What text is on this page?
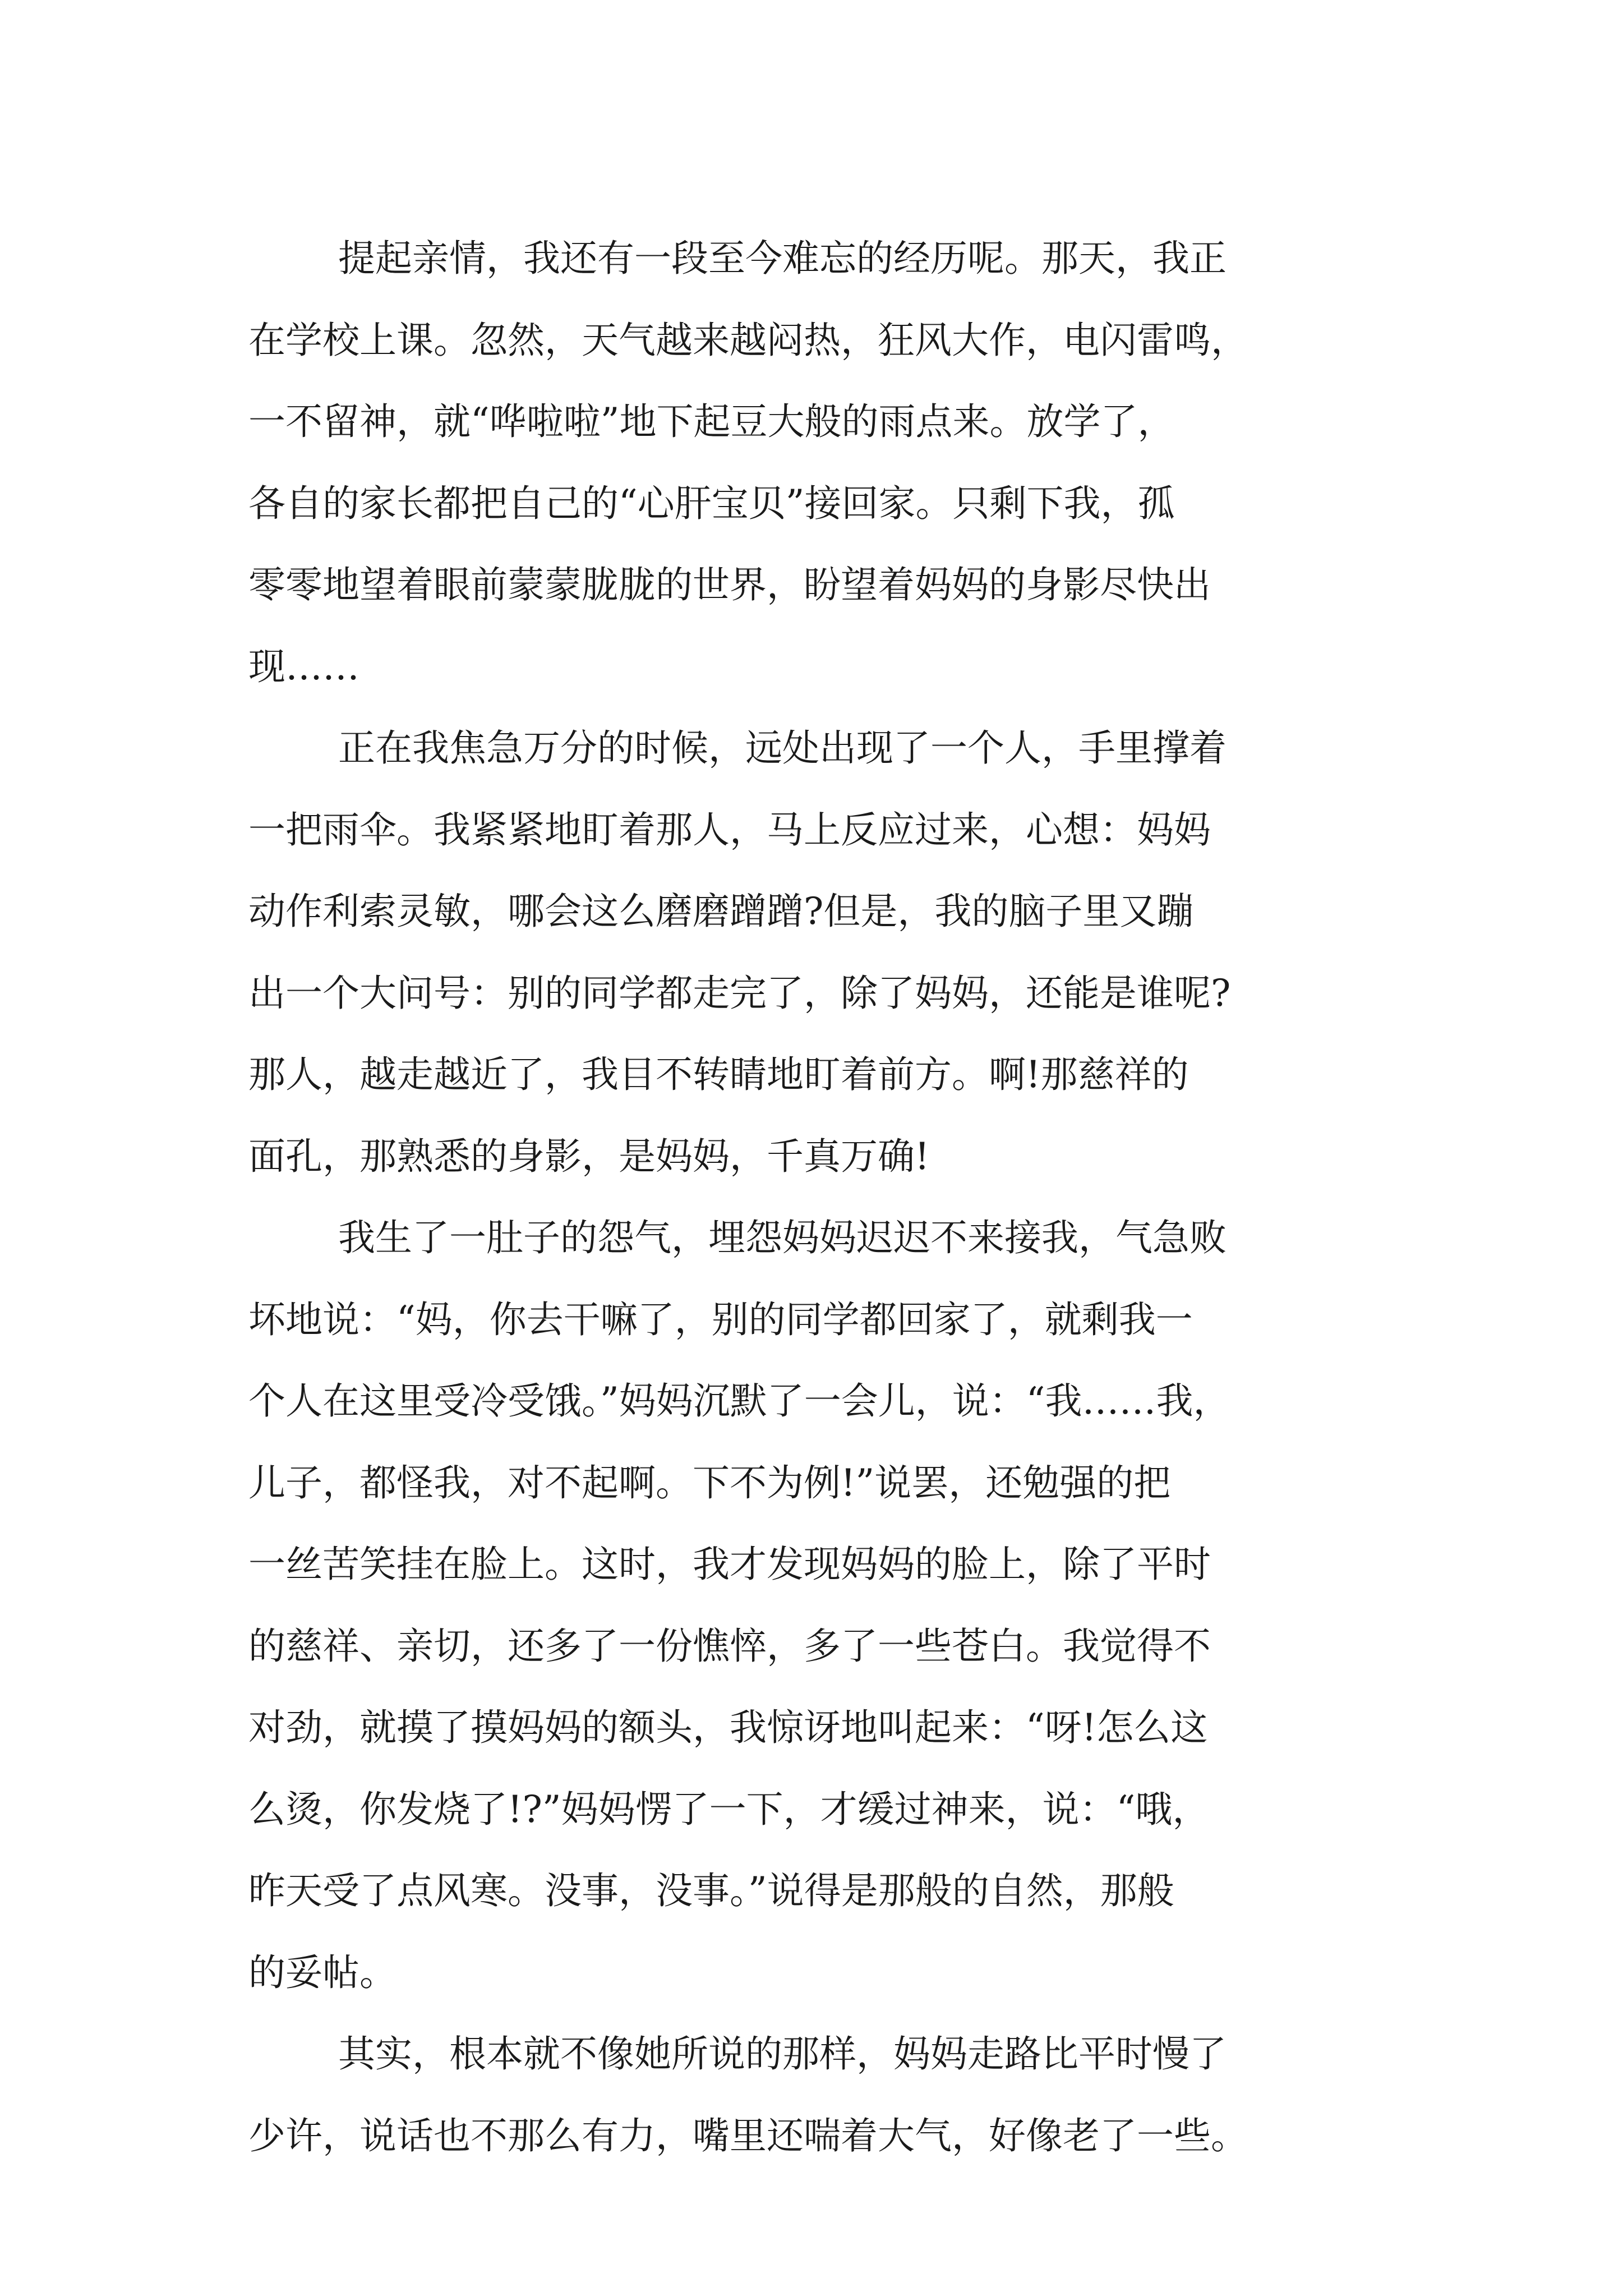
提起亲情，我还有一段至今难忘的经历呢。那天，我正
在学校上课。忽然，天气越来越闷热，狂风大作，电闪雷鸣，
一不留神，就“哗啦啦”地下起豆大般的雨点来。放学了，
各自的家长都把自己的“心肝宝贝”接回家。只剩下我，孤
零零地望着眼前蒙蒙胧胧的世界，盼望着妈妈的身影尽快出
现……

正在我焦急万分的时候，远处出现了一个人，手里撑着
一把雨伞。我紧紧地盯着那人，马上反应过来，心想：妈妈
动作利索灵敏，哪会这么磨磨蹭蹭?但是，我的脑子里又蹦
出一个大问号：别的同学都走完了，除了妈妈，还能是谁呢?
那人，越走越近了，我目不转睛地盯着前方。啊!那慈祥的
面孔，那熟悉的身影，是妈妈，千真万确!

我生了一肚子的怨气，埋怨妈妈迟迟不来接我，气急败
坏地说：“妈，你去干嘛了，别的同学都回家了，就剩我一
个人在这里受冷受饿。”妈妈沉默了一会儿，说：“我……我，
儿子，都怪我，对不起啊。下不为例!”说罢，还勉强的把
一丝苦笑挂在脸上。这时，我才发现妈妈的脸上，除了平时
的慈祥、亲切，还多了一份憔悴，多了一些苍白。我觉得不
对劲，就摸了摸妈妈的额头，我惊讶地叫起来：“呀!怎么这
么烫，你发烧了!?”妈妈愣了一下，才缓过神来，说：“哦，
昨天受了点风寒。没事，没事。”说得是那般的自然，那般
的妥帖。

其实，根本就不像她所说的那样，妈妈走路比平时慢了
少许，说话也不那么有力，嘴里还喘着大气，好像老了一些。
